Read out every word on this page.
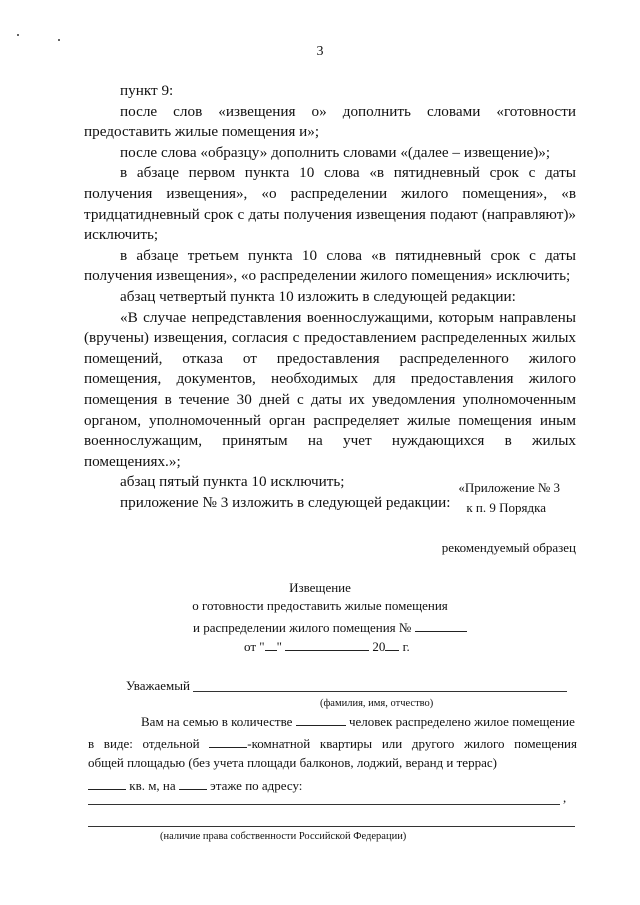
3

пункт 9:

после слов «извещения о» дополнить словами «готовности предоставить жилые помещения и»;

после слова «образцу» дополнить словами «(далее – извещение)»;

в абзаце первом пункта 10 слова «в пятидневный срок с даты получения извещения», «о распределении жилого помещения», «в тридцатидневный срок с даты получения извещения подают (направляют)» исключить;

в абзаце третьем пункта 10 слова «в пятидневный срок с даты получения извещения», «о распределении жилого помещения» исключить;

абзац четвертый пункта 10 изложить в следующей редакции:

«В случае непредставления военнослужащими, которым направлены (вручены) извещения, согласия с предоставлением распределенных жилых помещений, отказа от предоставления распределенного жилого помещения, документов, необходимых для предоставления жилого помещения в течение 30 дней с даты их уведомления уполномоченным органом, уполномоченный орган распределяет жилые помещения иным военнослужащим, принятым на учет нуждающихся в жилых помещениях.»;

абзац пятый пункта 10 исключить;

приложение № 3 изложить в следующей редакции:

«Приложение № 3
к п. 9 Порядка
рекомендуемый образец
Извещение
о готовности предоставить жилые помещения
и распределении жилого помещения №
от " "	20 г.
Уважаемый
(фамилия, имя, отчество)
Вам на семью в количестве	человек распределено жилое помещение
в виде: отдельной	-комнатной квартиры или другого жилого помещения
общей площадью (без учета площади балконов, лоджий, веранд и террас)
кв. м, на	этаже по адресу:
,
(наличие права собственности Российской Федерации)
